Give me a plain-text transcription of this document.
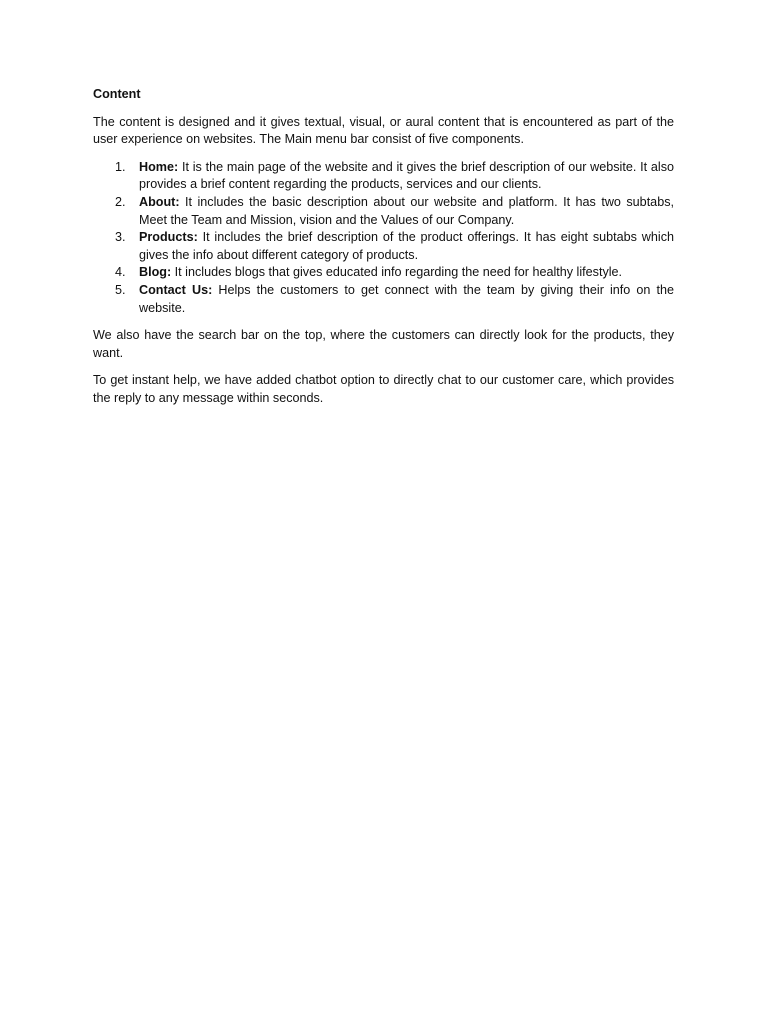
Content

The content is designed and it gives textual, visual, or aural content that is encountered as part of the user experience on websites. The Main menu bar consist of five components.

1. Home: It is the main page of the website and it gives the brief description of our website. It also provides a brief content regarding the products, services and our clients.
2. About: It includes the basic description about our website and platform. It has two subtabs, Meet the Team and Mission, vision and the Values of our Company.
3. Products: It includes the brief description of the product offerings. It has eight subtabs which gives the info about different category of products.
4. Blog: It includes blogs that gives educated info regarding the need for healthy lifestyle.
5. Contact Us: Helps the customers to get connect with the team by giving their info on the website.

We also have the search bar on the top, where the customers can directly look for the products, they want.

To get instant help, we have added chatbot option to directly chat to our customer care, which provides the reply to any message within seconds.
